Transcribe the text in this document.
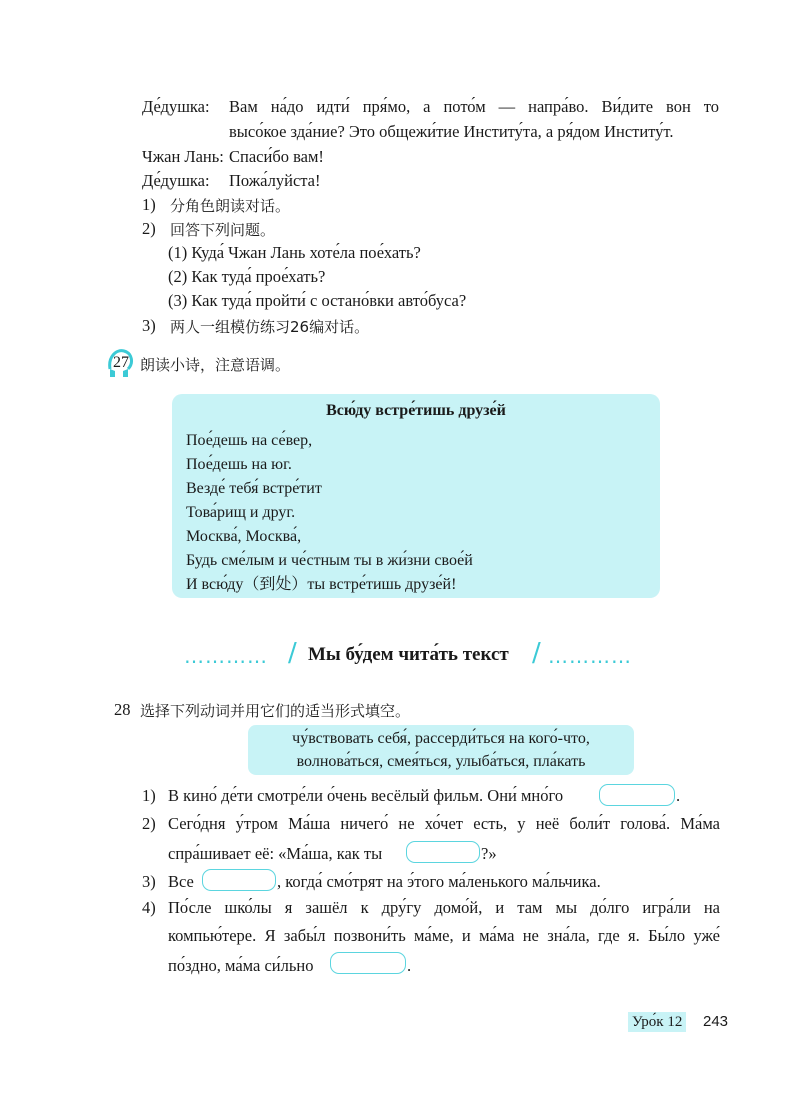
Де́душка: Вам на́до идти́ пря́мо, а пото́м — напра́во. Ви́дите вон то
высо́кое зда́ние? Это общежи́тие Институ́та, а ря́дом Институ́т.
Чжан Лань: Спаси́бо вам!
Де́душка: Пожа́луйста!
1) 分角色朗读对话。
2) 回答下列问题。
(1) Куда́ Чжан Лань хоте́ла пое́хать?
(2) Как туда́ прое́хать?
(3) Как туда́ пройти́ с остано́вки авто́буса?
3) 两人一组模仿练习26编对话。
27 朗读小诗，注意语调。
Всю́ду встре́тишь друзе́й
Пое́дешь на се́вер,
Пое́дешь на юг.
Везде́ тебя́ встре́тит
Това́рищ и друг.
Москва́, Москва́,
Будь сме́лым и че́стным ты в жи́зни свое́й
И всю́ду（到处）ты встре́тишь друзе́й!
………… / Мы бу́дем чита́ть текст / …………
28 选择下列动词并用它们的适当形式填空。
чу́вствовать себя́, рассерди́ться на кого́-что,
волнова́ться, смея́ться, улыба́ться, пла́кать
1) В кино́ де́ти смотре́ли о́чень весёлый фильм. Они́ мно́го	.
2) Сего́дня у́тром Ма́ша ничего́ не хо́чет есть, у неё боли́т голова́. Ма́ма
спра́шивает её: «Ма́ша, как ты	?»
3) Все	, когда́ смо́трят на э́того ма́ленького ма́льчика.
4) По́сле шко́лы я зашёл к дру́гу домо́й, и там мы до́лго игра́ли на
компью́тере. Я забы́л позвони́ть ма́ме, и ма́ма не зна́ла, где я. Бы́ло уже́
по́здно, ма́ма си́льно	.
Уро́к 12 243
